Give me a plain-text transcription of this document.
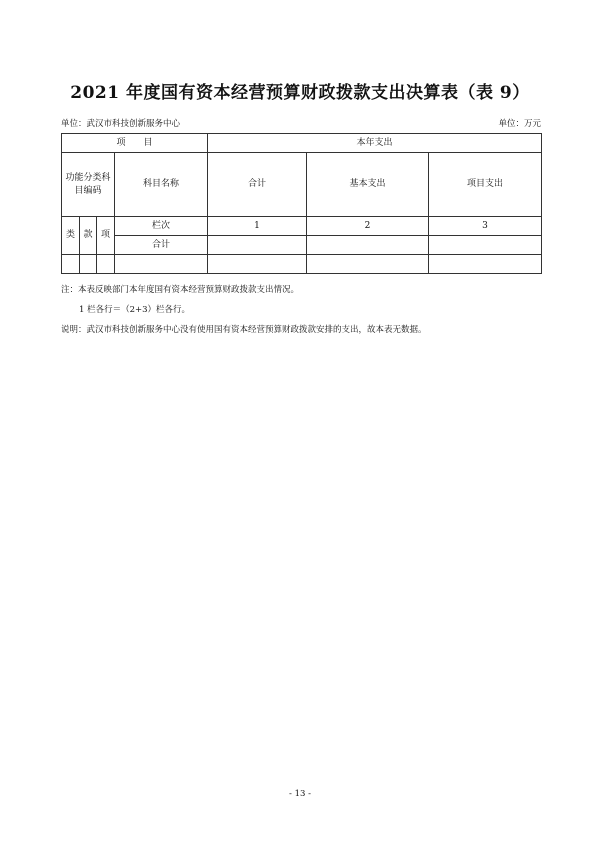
2021 年度国有资本经营预算财政拨款支出决算表（表 9）
单位：武汉市科技创新服务中心	单位：万元
项　　目				本年支出		
功能分类科目编码			科目名称	合计	基本支出	项目支出
类	款	项	栏次	1	2	3
			合计			

注：本表反映部门本年度国有资本经营预算财政拨款支出情况。

1 栏各行＝（2+3）栏各行。

说明：武汉市科技创新服务中心没有使用国有资本经营预算财政拨款安排的支出，故本表无数据。

- 13 -
